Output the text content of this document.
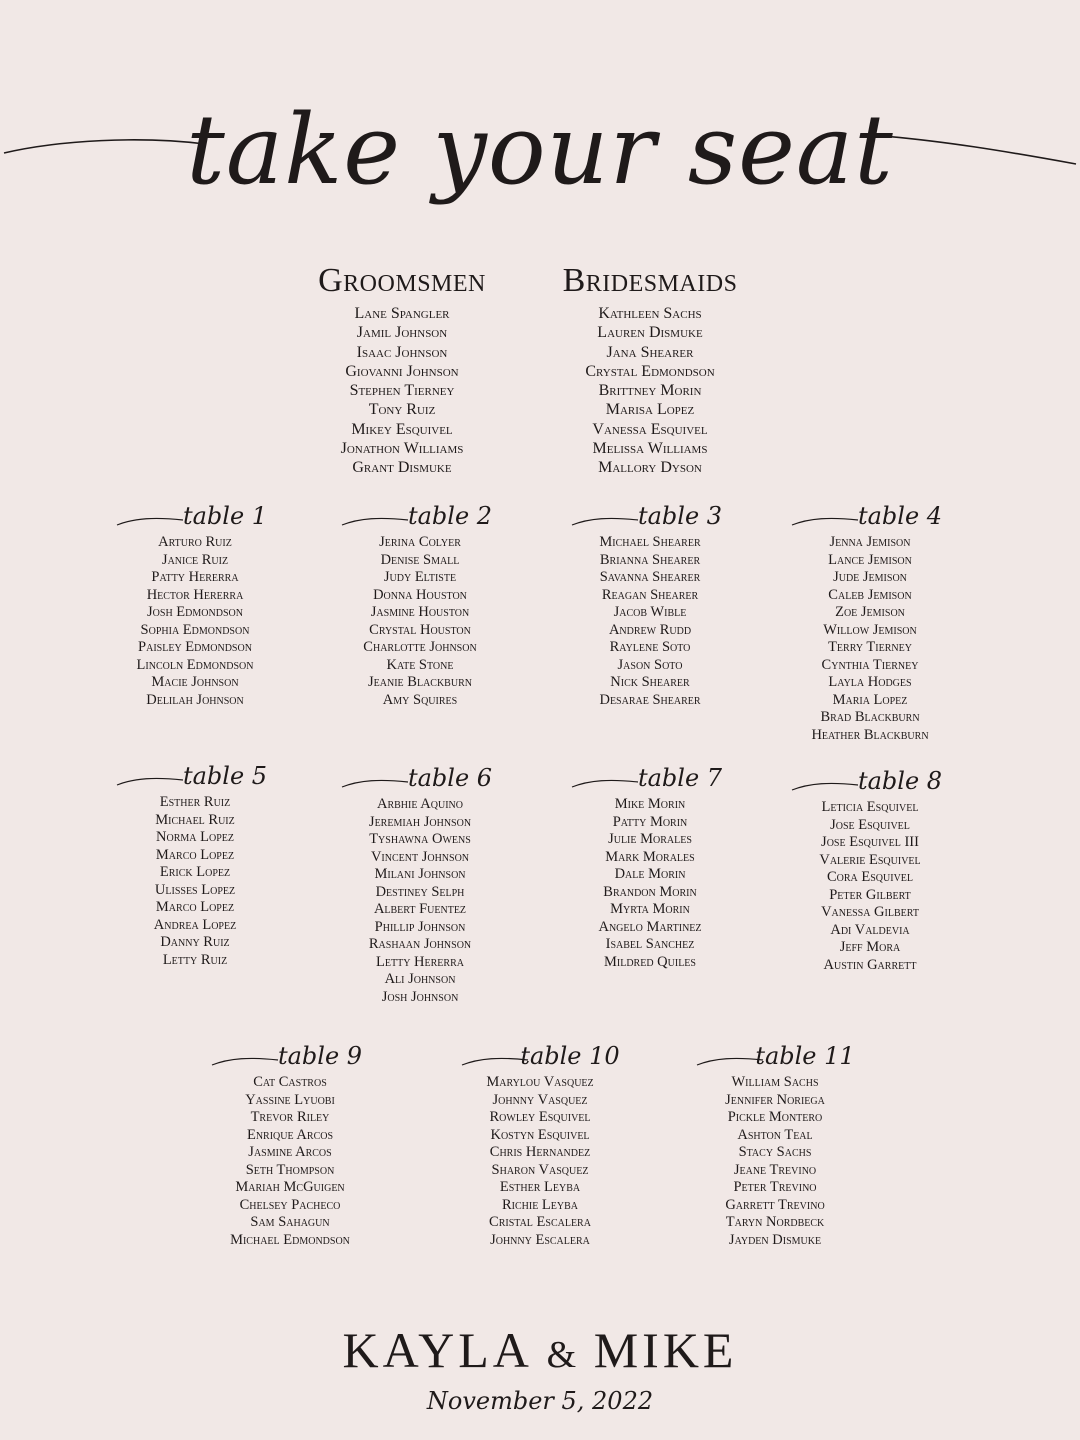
take your seat
Groomsmen
Lane Spangler
Jamil Johnson
Isaac Johnson
Giovanni Johnson
Stephen Tierney
Tony Ruiz
Mikey Esquivel
Jonathon Williams
Grant Dismuke
Bridesmaids
Kathleen Sachs
Lauren Dismuke
Jana Shearer
Crystal Edmondson
Brittney Morin
Marisa Lopez
Vanessa Esquivel
Melissa Williams
Mallory Dyson
table 1
Arturo Ruiz
Janice Ruiz
Patty Hererra
Hector Hererra
Josh Edmondson
Sophia Edmondson
Paisley Edmondson
Lincoln Edmondson
Macie Johnson
Delilah Johnson
table 2
Jerina Colyer
Denise Small
Judy Eltiste
Donna Houston
Jasmine Houston
Crystal Houston
Charlotte Johnson
Kate Stone
Jeanie Blackburn
Amy Squires
table 3
Michael Shearer
Brianna Shearer
Savanna Shearer
Reagan Shearer
Jacob Wible
Andrew Rudd
Raylene Soto
Jason Soto
Nick Shearer
Desarae Shearer
table 4
Jenna Jemison
Lance Jemison
Jude Jemison
Caleb Jemison
Zoe Jemison
Willow Jemison
Terry Tierney
Cynthia Tierney
Layla Hodges
Maria Lopez
Brad Blackburn
Heather Blackburn
table 5
Esther Ruiz
Michael Ruiz
Norma Lopez
Marco Lopez
Erick Lopez
Ulisses Lopez
Marco Lopez
Andrea Lopez
Danny Ruiz
Letty Ruiz
table 6
Arbhie Aquino
Jeremiah Johnson
Tyshawna Owens
Vincent Johnson
Milani Johnson
Destiney Selph
Albert Fuentez
Phillip Johnson
Rashaan Johnson
Letty Hererra
Ali Johnson
Josh Johnson
table 7
Mike Morin
Patty Morin
Julie Morales
Mark Morales
Dale Morin
Brandon Morin
Myrta Morin
Angelo Martinez
Isabel Sanchez
Mildred Quiles
table 8
Leticia Esquivel
Jose Esquivel
Jose Esquivel III
Valerie Esquivel
Cora Esquivel
Peter Gilbert
Vanessa Gilbert
Adi Valdevia
Jeff Mora
Austin Garrett
table 9
Cat Castros
Yassine Lyuobi
Trevor Riley
Enrique Arcos
Jasmine Arcos
Seth Thompson
Mariah McGuigen
Chelsey Pacheco
Sam Sahagun
Michael Edmondson
table 10
Marylou Vasquez
Johnny Vasquez
Rowley Esquivel
Kostyn Esquivel
Chris Hernandez
Sharon Vasquez
Esther Leyba
Richie Leyba
Cristal Escalera
Johnny Escalera
table 11
William Sachs
Jennifer Noriega
Pickle Montero
Ashton Teal
Stacy Sachs
Jeane Trevino
Peter Trevino
Garrett Trevino
Taryn Nordbeck
Jayden Dismuke
KAYLA & MIKE
November 5, 2022
